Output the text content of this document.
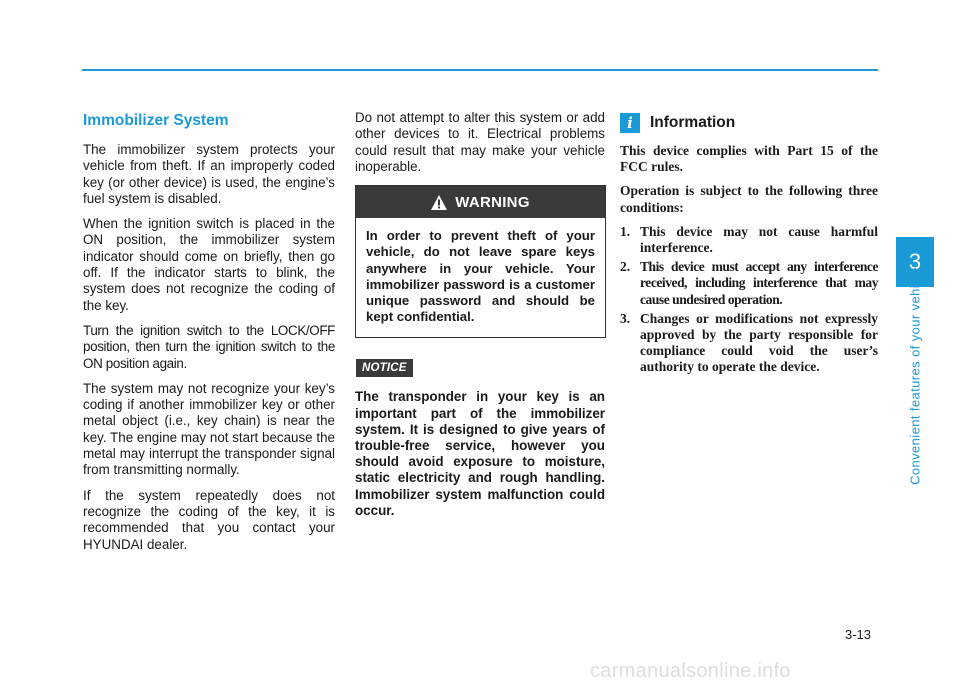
Immobilizer System

The immobilizer system protects your vehicle from theft. If an improperly coded key (or other device) is used, the engine’s fuel system is disabled.

When the ignition switch is placed in the ON position, the immobilizer system indicator should come on briefly, then go off. If the indicator starts to blink, the system does not recognize the coding of the key.

Turn the ignition switch to the LOCK/OFF position, then turn the ignition switch to the ON position again.

The system may not recognize your key’s coding if another immobilizer key or other metal object (i.e., key chain) is near the key. The engine may not start because the metal may interrupt the transponder signal from transmitting normally.

If the system repeatedly does not recognize the coding of the key, it is recommended that you contact your HYUNDAI dealer.

Do not attempt to alter this system or add other devices to it. Electrical problems could result that may make your vehicle inoperable.

WARNING
In order to prevent theft of your vehicle, do not leave spare keys anywhere in your vehicle. Your immobilizer password is a customer unique password and should be kept confidential.
NOTICE
The transponder in your key is an important part of the immobilizer system. It is designed to give years of trouble-free service, however you should avoid exposure to moisture, static electricity and rough handling. Immobilizer system malfunction could occur.
i	Information

This device complies with Part 15 of the FCC rules.

Operation is subject to the following three conditions:

1. This device may not cause harmful interference.
2. This device must accept any interference received, including interference that may cause undesired operation.
3. Changes or modifications not expressly approved by the party responsible for compliance could void the user’s authority to operate the device.
3
Convenient features of your vehicle
3-13
carmanualsonline.info
